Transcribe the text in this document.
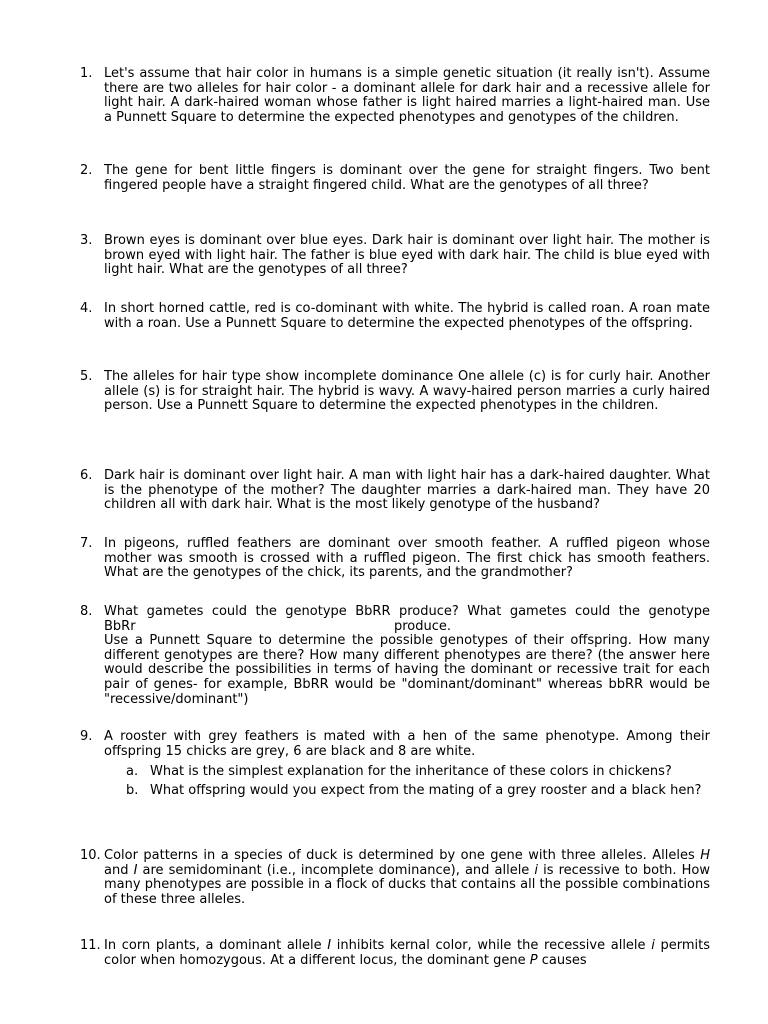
1. Let's assume that hair color in humans is a simple genetic situation (it really isn't). Assume there are two alleles for hair color - a dominant allele for dark hair and a recessive allele for light hair. A dark-haired woman whose father is light haired marries a light-haired man. Use a Punnett Square to determine the expected phenotypes and genotypes of the children.
2. The gene for bent little fingers is dominant over the gene for straight fingers. Two bent fingered people have a straight fingered child. What are the genotypes of all three?
3. Brown eyes is dominant over blue eyes. Dark hair is dominant over light hair. The mother is brown eyed with light hair. The father is blue eyed with dark hair. The child is blue eyed with light hair. What are the genotypes of all three?
4. In short horned cattle, red is co-dominant with white. The hybrid is called roan. A roan mate with a roan. Use a Punnett Square to determine the expected phenotypes of the offspring.
5. The alleles for hair type show incomplete dominance One allele (c) is for curly hair. Another allele (s) is for straight hair. The hybrid is wavy. A wavy-haired person marries a curly haired person. Use a Punnett Square to determine the expected phenotypes in the children.
6. Dark hair is dominant over light hair. A man with light hair has a dark-haired daughter. What is the phenotype of the mother? The daughter marries a dark-haired man. They have 20 children all with dark hair. What is the most likely genotype of the husband?
7. In pigeons, ruffled feathers are dominant over smooth feather. A ruffled pigeon whose mother was smooth is crossed with a ruffled pigeon. The first chick has smooth feathers. What are the genotypes of the chick, its parents, and the grandmother?
8. What gametes could the genotype BbRR produce? What gametes could the genotype
BbRr	produce.
Use a Punnett Square to determine the possible genotypes of their offspring. How many different genotypes are there? How many different phenotypes are there? (the answer here would describe the possibilities in terms of having the dominant or recessive trait for each pair of genes- for example, BbRR would be "dominant/dominant" whereas bbRR would be "recessive/dominant")
9. A rooster with grey feathers is mated with a hen of the same phenotype. Among their offspring 15 chicks are grey, 6 are black and 8 are white.
a. What is the simplest explanation for the inheritance of these colors in chickens?
b. What offspring would you expect from the mating of a grey rooster and a black hen?
10. Color patterns in a species of duck is determined by one gene with three alleles. Alleles H and I are semidominant (i.e., incomplete dominance), and allele i is recessive to both. How many phenotypes are possible in a flock of ducks that contains all the possible combinations of these three alleles.
11. In corn plants, a dominant allele I inhibits kernal color, while the recessive allele i permits color when homozygous. At a different locus, the dominant gene P causes
